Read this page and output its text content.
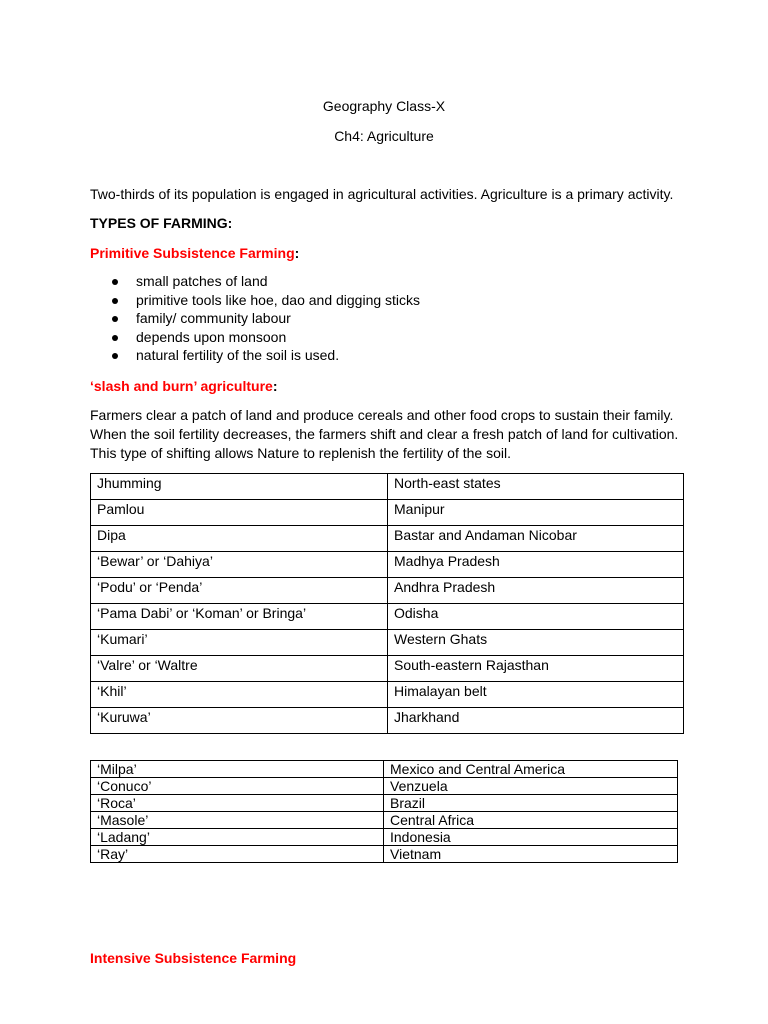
Geography Class-X
Ch4: Agriculture
Two-thirds of its population is engaged in agricultural activities. Agriculture is a primary activity.
TYPES OF FARMING:
Primitive Subsistence Farming:
small patches of land
primitive tools like hoe, dao and digging sticks
family/ community labour
depends upon monsoon
natural fertility of the soil is used.
‘slash and burn’ agriculture:
Farmers clear a patch of land and produce cereals and other food crops to sustain their family.
When the soil fertility decreases, the farmers shift and clear a fresh patch of land for cultivation.
This type of shifting allows Nature to replenish the fertility of the soil.
Jhumming	North-east states
Pamlou	Manipur
Dipa	Bastar and Andaman Nicobar
‘Bewar’ or ‘Dahiya’	Madhya Pradesh
‘Podu’ or ‘Penda’	Andhra Pradesh
‘Pama Dabi’ or ‘Koman’ or Bringa’	Odisha
‘Kumari’	Western Ghats
‘Valre’ or ‘Waltre	South-eastern Rajasthan
‘Khil’	Himalayan belt
‘Kuruwa’	Jharkhand
‘Milpa’	Mexico and Central America
‘Conuco’	Venzuela
‘Roca’	Brazil
‘Masole’	Central Africa
‘Ladang’	Indonesia
‘Ray’	Vietnam
Intensive Subsistence Farming
